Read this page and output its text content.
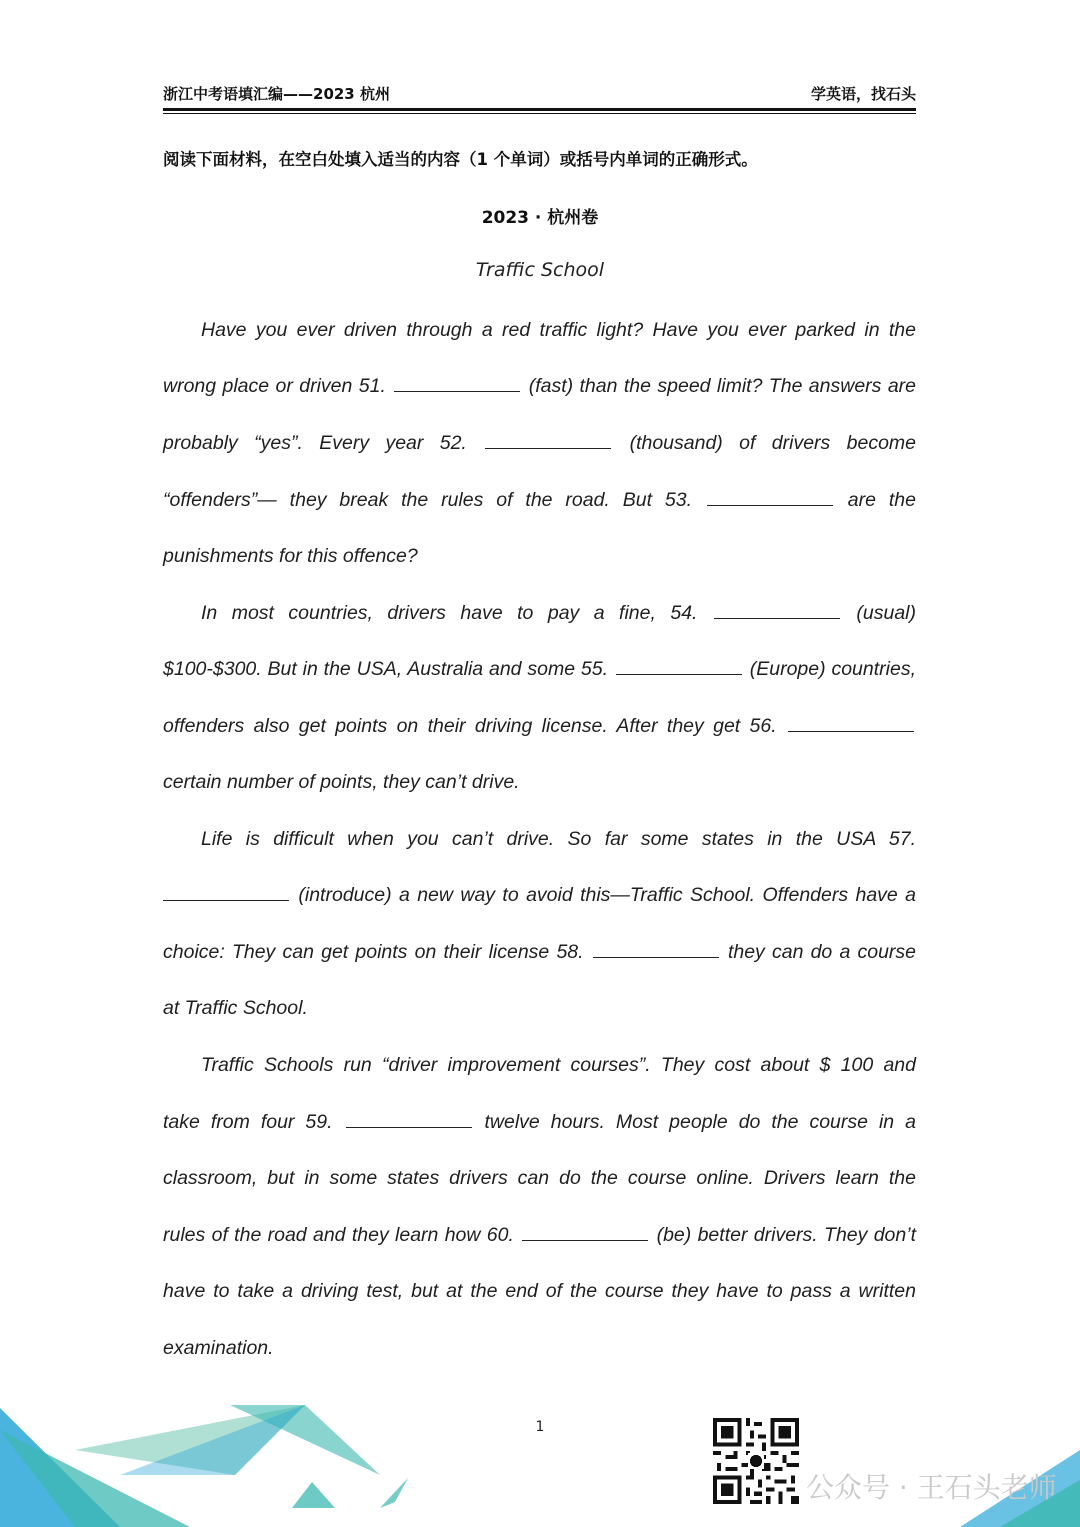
浙江中考语填汇编——2023 杭州	学英语，找石头
阅读下面材料，在空白处填入适当的内容（1 个单词）或括号内单词的正确形式。
2023 · 杭州卷
Traffic School
Have you ever driven through a red traffic light? Have you ever parked in the
wrong place or driven 51.	(fast) than the speed limit? The answers are
probably “yes”. Every year 52.	(thousand) of drivers become
“offenders”— they break the rules of the road. But 53.	are the
punishments for this offence?
In most countries, drivers have to pay a fine, 54.	(usual)
$100-$300. But in the USA, Australia and some 55.	(Europe) countries,
offenders also get points on their driving license. After they get 56.
certain number of points, they can’t drive.
Life is difficult when you can’t drive. So far some states in the USA 57.
(introduce) a new way to avoid this—Traffic School. Offenders have a
choice: They can get points on their license 58.	they can do a course
at Traffic School.
Traffic Schools run “driver improvement courses”. They cost about $ 100 and
take from four 59.	twelve hours. Most people do the course in a
classroom, but in some states drivers can do the course online. Drivers learn the
rules of the road and they learn how 60.	(be) better drivers. They don’t
have to take a driving test, but at the end of the course they have to pass a written
examination.
1
公众号 · 王石头老师
